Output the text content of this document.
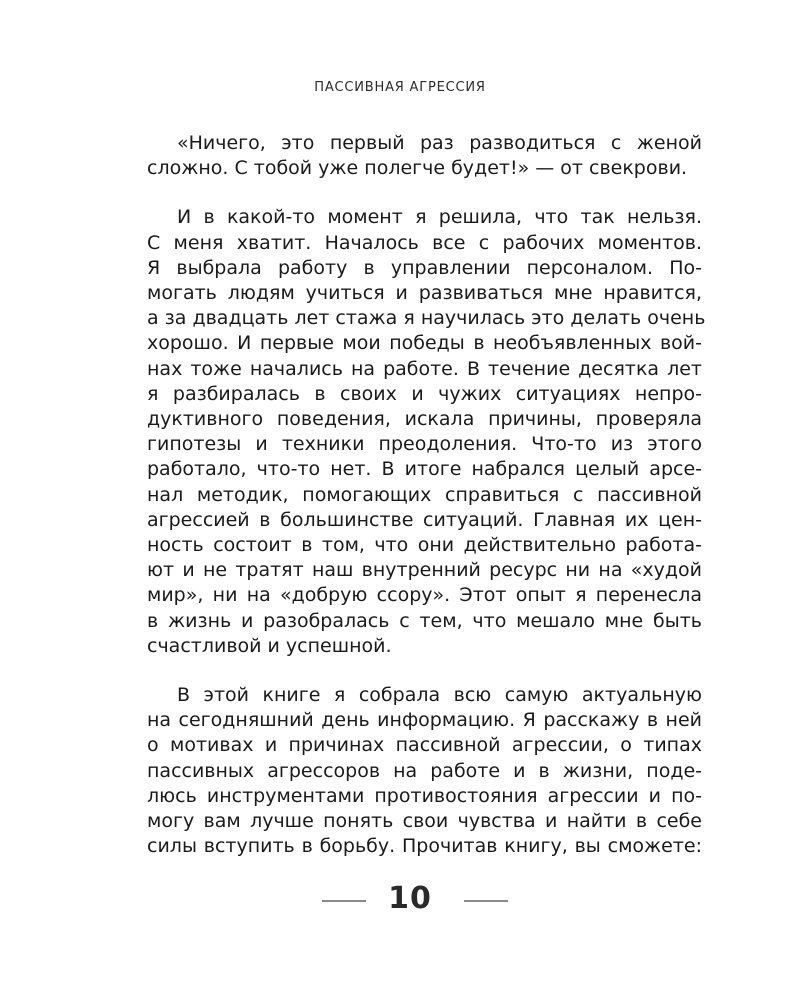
ПАССИВНАЯ АГРЕССИЯ

«Ничего, это первый раз разводиться с женой
сложно. С тобой уже полегче будет!» — от свекрови.

И в какой-то момент я решила, что так нельзя.
С меня хватит. Началось все с рабочих моментов.
Я выбрала работу в управлении персоналом. По-
могать людям учиться и развиваться мне нравится,
а за двадцать лет стажа я научилась это делать очень
хорошо. И первые мои победы в необъявленных вой-
нах тоже начались на работе. В течение десятка лет
я разбиралась в своих и чужих ситуациях непро-
дуктивного поведения, искала причины, проверяла
гипотезы и техники преодоления. Что-то из этого
работало, что-то нет. В итоге набрался целый арсе-
нал методик, помогающих справиться с пассивной
агрессией в большинстве ситуаций. Главная их цен-
ность состоит в том, что они действительно работа-
ют и не тратят наш внутренний ресурс ни на «худой
мир», ни на «добрую ссору». Этот опыт я перенесла
в жизнь и разобралась с тем, что мешало мне быть
счастливой и успешной.

В этой книге я собрала всю самую актуальную
на сегодняшний день информацию. Я расскажу в ней
о мотивах и причинах пассивной агрессии, о типах
пассивных агрессоров на работе и в жизни, поде-
люсь инструментами противостояния агрессии и по-
могу вам лучше понять свои чувства и найти в себе
силы вступить в борьбу. Прочитав книгу, вы сможете:

10
